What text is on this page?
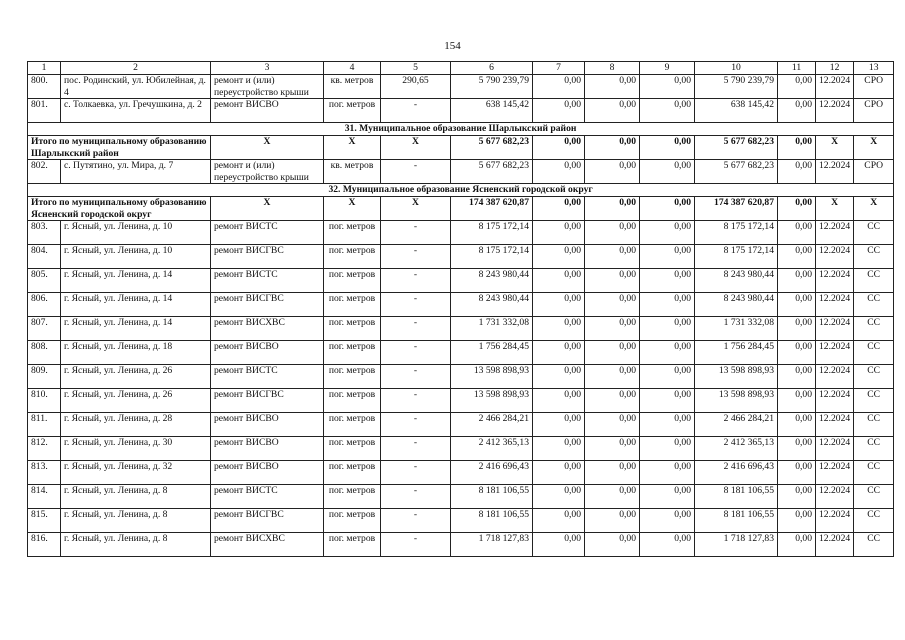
154
1	2	3	4	5	6	7	8	9	10	11	12	13
800.	пос. Родинский, ул. Юбилейная, д. 4	ремонт и (или) переустройство крыши	кв. метров	290,65	5 790 239,79	0,00	0,00	0,00	5 790 239,79	0,00	12.2024	СРО
801.	с. Толкаевка, ул. Гречушкина, д. 2	ремонт ВИСВО	пог. метров	-	638 145,42	0,00	0,00	0,00	638 145,42	0,00	12.2024	СРО
31. Муниципальное образование Шарлыкский район												
Итого по муниципальному образованию Шарлыкский район		Х	Х	Х	5 677 682,23	0,00	0,00	0,00	5 677 682,23	0,00	Х	Х
802.	с. Путятино, ул. Мира, д. 7	ремонт и (или) переустройство крыши	кв. метров	-	5 677 682,23	0,00	0,00	0,00	5 677 682,23	0,00	12.2024	СРО
32. Муниципальное образование Ясненский городской округ												
Итого по муниципальному образованию Ясненский городской округ		Х	Х	Х	174 387 620,87	0,00	0,00	0,00	174 387 620,87	0,00	Х	Х
803.	г. Ясный, ул. Ленина, д. 10	ремонт ВИСТС	пог. метров	-	8 175 172,14	0,00	0,00	0,00	8 175 172,14	0,00	12.2024	СС
804.	г. Ясный, ул. Ленина, д. 10	ремонт ВИСГВС	пог. метров	-	8 175 172,14	0,00	0,00	0,00	8 175 172,14	0,00	12.2024	СС
805.	г. Ясный, ул. Ленина, д. 14	ремонт ВИСТС	пог. метров	-	8 243 980,44	0,00	0,00	0,00	8 243 980,44	0,00	12.2024	СС
806.	г. Ясный, ул. Ленина, д. 14	ремонт ВИСГВС	пог. метров	-	8 243 980,44	0,00	0,00	0,00	8 243 980,44	0,00	12.2024	СС
807.	г. Ясный, ул. Ленина, д. 14	ремонт ВИСХВС	пог. метров	-	1 731 332,08	0,00	0,00	0,00	1 731 332,08	0,00	12.2024	СС
808.	г. Ясный, ул. Ленина, д. 18	ремонт ВИСВО	пог. метров	-	1 756 284,45	0,00	0,00	0,00	1 756 284,45	0,00	12.2024	СС
809.	г. Ясный, ул. Ленина, д. 26	ремонт ВИСТС	пог. метров	-	13 598 898,93	0,00	0,00	0,00	13 598 898,93	0,00	12.2024	СС
810.	г. Ясный, ул. Ленина, д. 26	ремонт ВИСГВС	пог. метров	-	13 598 898,93	0,00	0,00	0,00	13 598 898,93	0,00	12.2024	СС
811.	г. Ясный, ул. Ленина, д. 28	ремонт ВИСВО	пог. метров	-	2 466 284,21	0,00	0,00	0,00	2 466 284,21	0,00	12.2024	СС
812.	г. Ясный, ул. Ленина, д. 30	ремонт ВИСВО	пог. метров	-	2 412 365,13	0,00	0,00	0,00	2 412 365,13	0,00	12.2024	СС
813.	г. Ясный, ул. Ленина, д. 32	ремонт ВИСВО	пог. метров	-	2 416 696,43	0,00	0,00	0,00	2 416 696,43	0,00	12.2024	СС
814.	г. Ясный, ул. Ленина, д. 8	ремонт ВИСТС	пог. метров	-	8 181 106,55	0,00	0,00	0,00	8 181 106,55	0,00	12.2024	СС
815.	г. Ясный, ул. Ленина, д. 8	ремонт ВИСГВС	пог. метров	-	8 181 106,55	0,00	0,00	0,00	8 181 106,55	0,00	12.2024	СС
816.	г. Ясный, ул. Ленина, д. 8	ремонт ВИСХВС	пог. метров	-	1 718 127,83	0,00	0,00	0,00	1 718 127,83	0,00	12.2024	СС
